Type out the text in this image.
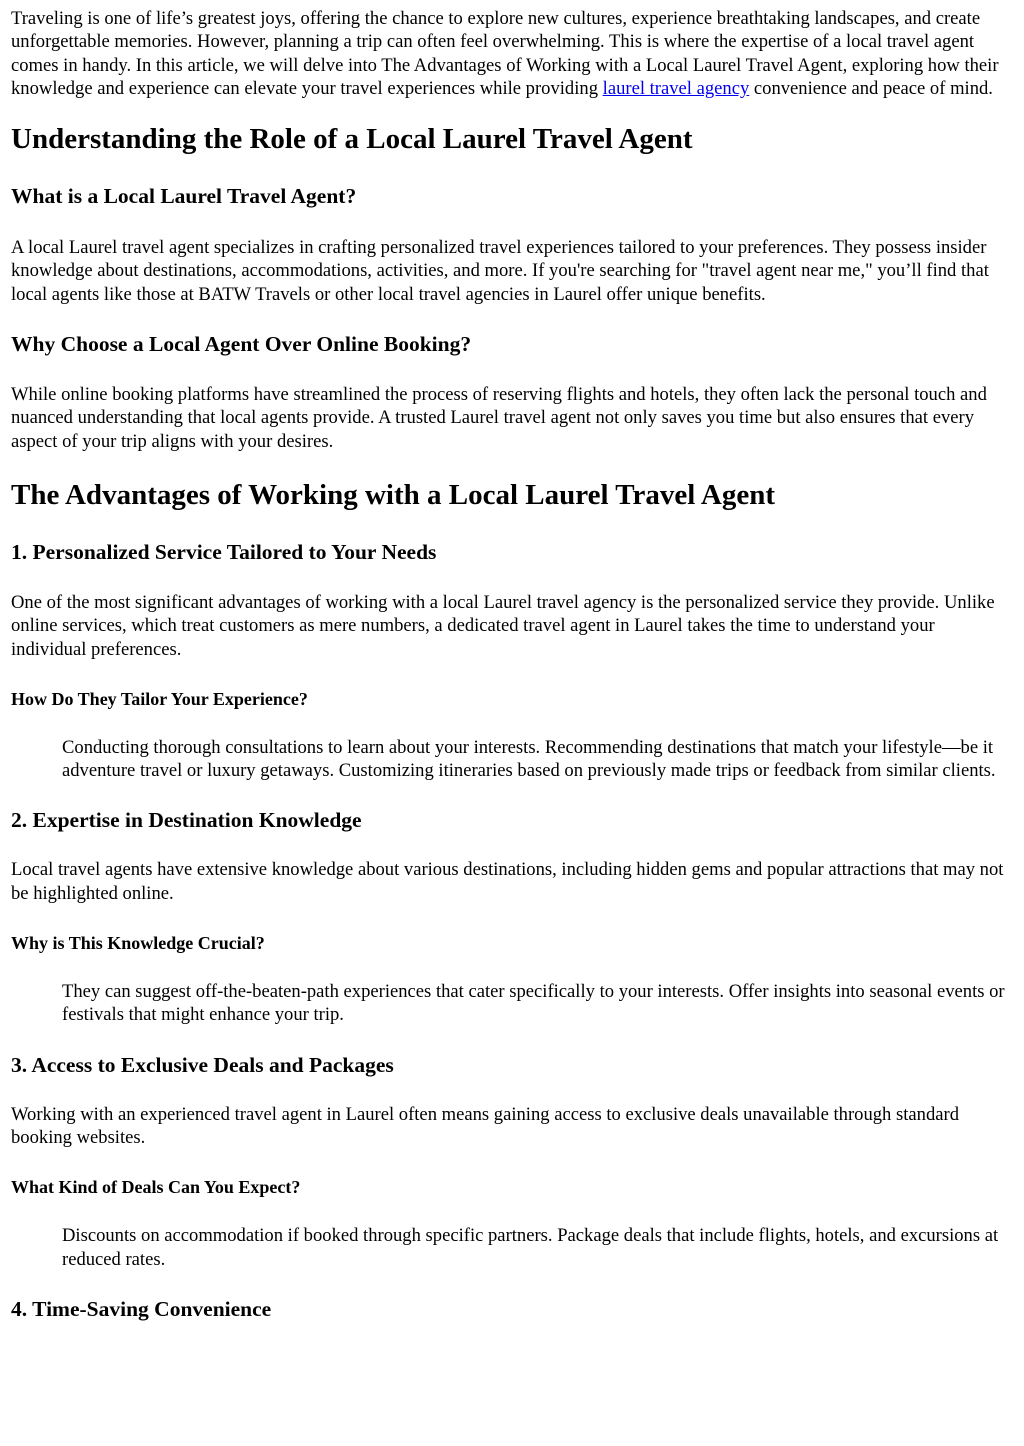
Traveling is one of life’s greatest joys, offering the chance to explore new cultures, experience breathtaking landscapes, and create unforgettable memories. However, planning a trip can often feel overwhelming. This is where the expertise of a local travel agent comes in handy. In this article, we will delve into The Advantages of Working with a Local Laurel Travel Agent, exploring how their knowledge and experience can elevate your travel experiences while providing laurel travel agency convenience and peace of mind.

Understanding the Role of a Local Laurel Travel Agent
What is a Local Laurel Travel Agent?

A local Laurel travel agent specializes in crafting personalized travel experiences tailored to your preferences. They possess insider knowledge about destinations, accommodations, activities, and more. If you're searching for "travel agent near me," you’ll find that local agents like those at BATW Travels or other local travel agencies in Laurel offer unique benefits.

Why Choose a Local Agent Over Online Booking?

While online booking platforms have streamlined the process of reserving flights and hotels, they often lack the personal touch and nuanced understanding that local agents provide. A trusted Laurel travel agent not only saves you time but also ensures that every aspect of your trip aligns with your desires.

The Advantages of Working with a Local Laurel Travel Agent
1. Personalized Service Tailored to Your Needs

One of the most significant advantages of working with a local Laurel travel agency is the personalized service they provide. Unlike online services, which treat customers as mere numbers, a dedicated travel agent in Laurel takes the time to understand your individual preferences.

How Do They Tailor Your Experience?
Conducting thorough consultations to learn about your interests. Recommending destinations that match your lifestyle—be it adventure travel or luxury getaways. Customizing itineraries based on previously made trips or feedback from similar clients.
2. Expertise in Destination Knowledge

Local travel agents have extensive knowledge about various destinations, including hidden gems and popular attractions that may not be highlighted online.

Why is This Knowledge Crucial?
They can suggest off-the-beaten-path experiences that cater specifically to your interests. Offer insights into seasonal events or festivals that might enhance your trip.
3. Access to Exclusive Deals and Packages

Working with an experienced travel agent in Laurel often means gaining access to exclusive deals unavailable through standard booking websites.

What Kind of Deals Can You Expect?
Discounts on accommodation if booked through specific partners. Package deals that include flights, hotels, and excursions at reduced rates.
4. Time-Saving Convenience
